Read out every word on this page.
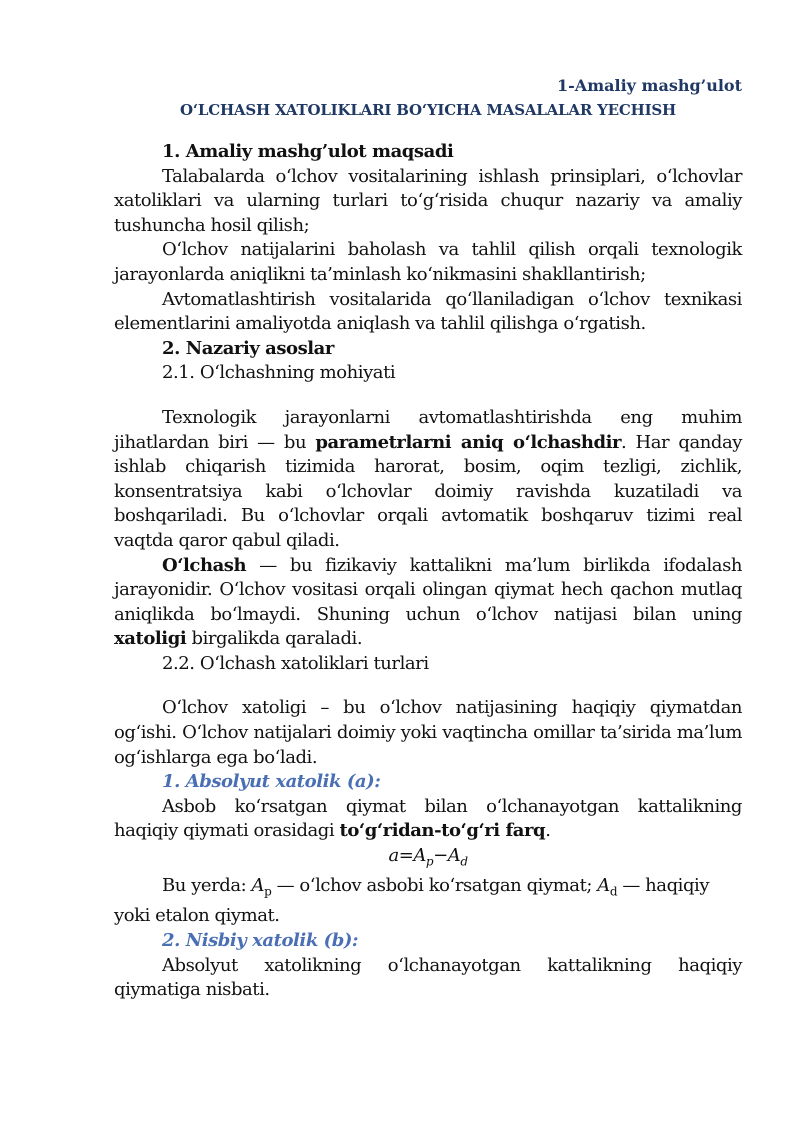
1-Amaliy mashg’ulot
O‘LCHASH XATOLIKLARI BO‘YICHA MASALALAR YECHISH

1. Amaliy mashg’ulot maqsadi

Talabalarda o‘lchov vositalarining ishlash prinsiplari, o‘lchovlar xatoliklari va ularning turlari to‘g‘risida chuqur nazariy va amaliy tushuncha hosil qilish;

O‘lchov natijalarini baholash va tahlil qilish orqali texnologik jarayonlarda aniqlikni ta’minlash ko‘nikmasini shakllantirish;

Avtomatlashtirish vositalarida qo‘llaniladigan o‘lchov texnikasi elementlarini amaliyotda aniqlash va tahlil qilishga o‘rgatish.

2. Nazariy asoslar

2.1. O‘lchashning mohiyati

Texnologik jarayonlarni avtomatlashtirishda eng muhim jihatlardan biri — bu parametrlarni aniq o‘lchashdir. Har qanday ishlab chiqarish tizimida harorat, bosim, oqim tezligi, zichlik, konsentratsiya kabi o‘lchovlar doimiy ravishda kuzatiladi va boshqariladi. Bu o‘lchovlar orqali avtomatik boshqaruv tizimi real vaqtda qaror qabul qiladi.

O‘lchash — bu fizikaviy kattalikni ma’lum birlikda ifodalash jarayonidir. O‘lchov vositasi orqali olingan qiymat hech qachon mutlaq aniqlikda bo‘lmaydi. Shuning uchun o‘lchov natijasi bilan uning xatoligi birgalikda qaraladi.

2.2. O‘lchash xatoliklari turlari

O‘lchov xatoligi – bu o‘lchov natijasining haqiqiy qiymatdan og‘ishi. O‘lchov natijalari doimiy yoki vaqtincha omillar ta’sirida ma’lum og‘ishlarga ega bo‘ladi.

1. Absolyut xatolik (a):

Asbob ko‘rsatgan qiymat bilan o‘lchanayotgan kattalikning haqiqiy qiymati orasidagi to‘g‘ridan-to‘g‘ri farq.

$a=A_p-A_d$

Bu yerda: $A_p$ — o‘lchov asbobi ko‘rsatgan qiymat; $A_d$ — haqiqiy

yoki etalon qiymat.

2. Nisbiy xatolik (b):

Absolyut xatolikning o‘lchanayotgan kattalikning haqiqiy qiymatiga nisbati.
